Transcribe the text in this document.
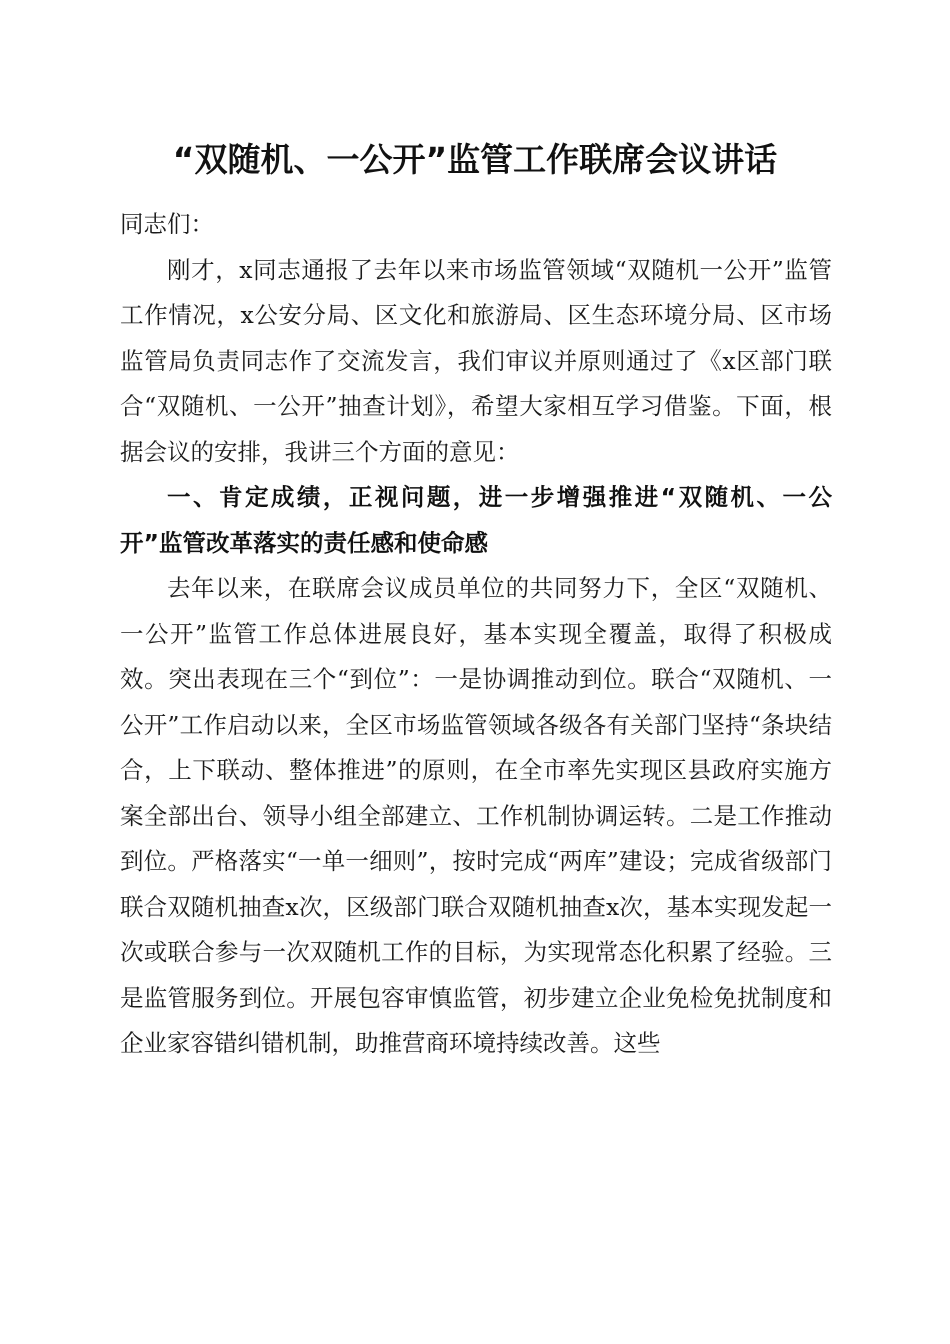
“双随机、一公开”监管工作联席会议讲话

同志们：

刚才，x同志通报了去年以来市场监管领域“双随机一公开”监管工作情况，x公安分局、区文化和旅游局、区生态环境分局、区市场监管局负责同志作了交流发言，我们审议并原则通过了《x区部门联合“双随机、一公开”抽查计划》，希望大家相互学习借鉴。下面，根据会议的安排，我讲三个方面的意见：

一、肯定成绩，正视问题，进一步增强推进“双随机、一公开”监管改革落实的责任感和使命感

去年以来，在联席会议成员单位的共同努力下，全区“双随机、一公开”监管工作总体进展良好，基本实现全覆盖，取得了积极成效。突出表现在三个“到位”：一是协调推动到位。联合“双随机、一公开”工作启动以来，全区市场监管领域各级各有关部门坚持“条块结合，上下联动、整体推进”的原则，在全市率先实现区县政府实施方案全部出台、领导小组全部建立、工作机制协调运转。二是工作推动到位。严格落实“一单一细则”，按时完成“两库”建设；完成省级部门联合双随机抽查x次，区级部门联合双随机抽查x次，基本实现发起一次或联合参与一次双随机工作的目标，为实现常态化积累了经验。三是监管服务到位。开展包容审慎监管，初步建立企业免检免扰制度和企业家容错纠错机制，助推营商环境持续改善。这些
